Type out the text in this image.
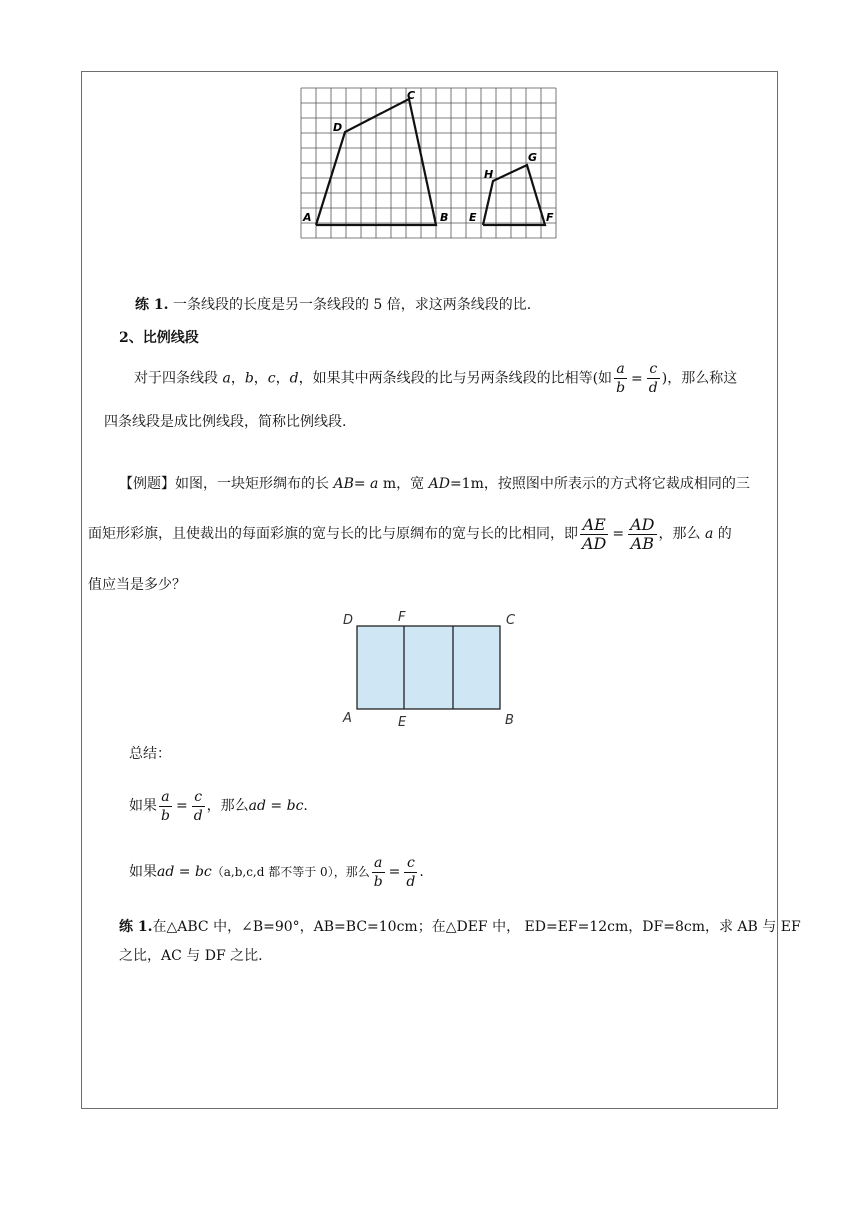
A	B
C
D
E	F
G
H
练 1. 一条线段的长度是另一条线段的 5 倍，求这两条线段的比.
2、比例线段
对于四条线段 a，b，c，d，如果其中两条线段的比与另两条线段的比相等(如 $\frac{a}{b} = \frac{c}{d}$ )，那么称这
四条线段是成比例线段，简称比例线段.
【例题】如图，一块矩形绸布的长 AB= a m，宽 AD=1m，按照图中所表示的方式将它裁成相同的三
面矩形彩旗，且使裁出的每面彩旗的宽与长的比与原绸布的宽与长的比相同，即 $\frac{AE}{AD} = \frac{AD}{AB}$ ，那么 a 的
值应当是多少？
D	F	C
A	E	B
总结：
如果 $\frac{a}{b} = \frac{c}{d}$ ，那么ad = bc.
如果ad = bc（a,b,c,d 都不等于 0），那么 $\frac{a}{b} = \frac{c}{d}$ .
练 1.在△ABC 中，∠B=90°，AB=BC=10cm；在△DEF 中， ED=EF=12cm，DF=8cm，求 AB 与 EF
之比，AC 与 DF 之比.
